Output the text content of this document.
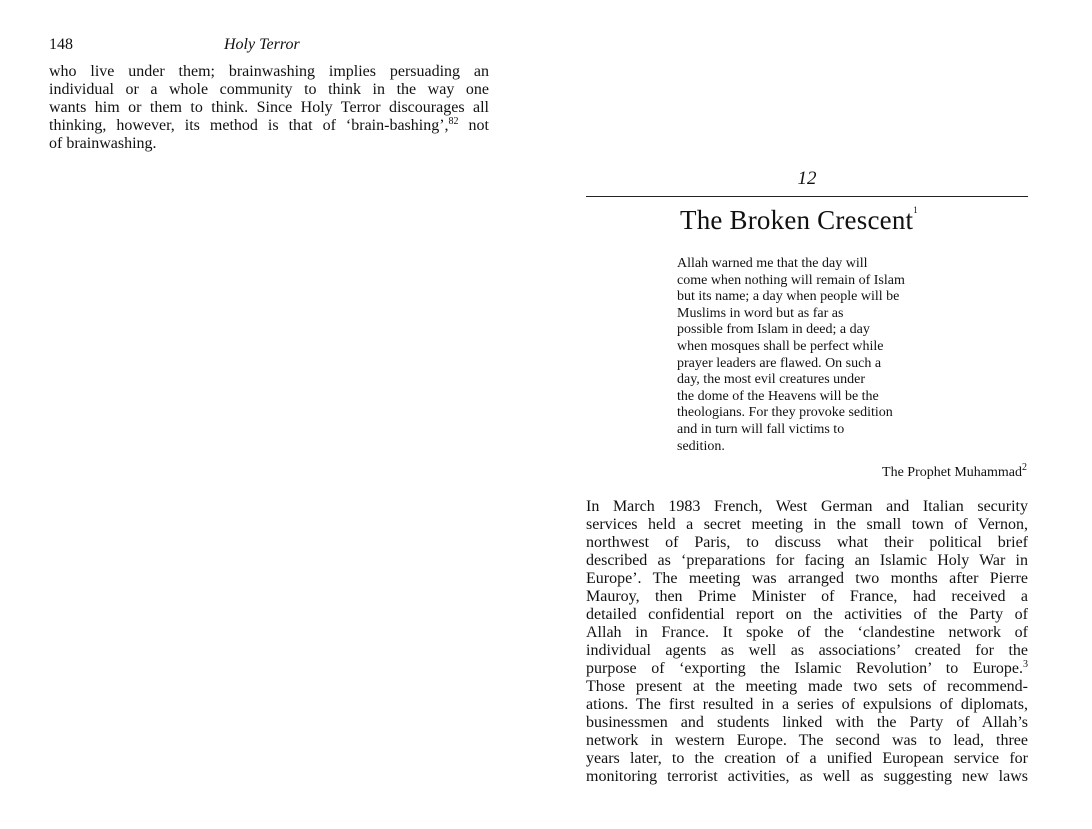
148	Holy Terror
who live under them; brainwashing implies persuading an
individual or a whole community to think in the way one
wants him or them to think. Since Holy Terror discourages all
thinking, however, its method is that of ‘brain-bashing’,$^{82}$ not
of brainwashing.
12
The Broken Crescent$^1$
Allah warned me that the day will
come when nothing will remain of Islam
but its name; a day when people will be
Muslims in word but as far as
possible from Islam in deed; a day
when mosques shall be perfect while
prayer leaders are flawed. On such a
day, the most evil creatures under
the dome of the Heavens will be the
theologians. For they provoke sedition
and in turn will fall victims to
sedition.
The Prophet Muhammad$^2$
In March 1983 French, West German and Italian security
services held a secret meeting in the small town of Vernon,
northwest of Paris, to discuss what their political brief
described as ‘preparations for facing an Islamic Holy War in
Europe’. The meeting was arranged two months after Pierre
Mauroy, then Prime Minister of France, had received a
detailed confidential report on the activities of the Party of
Allah in France. It spoke of the ‘clandestine network of
individual agents as well as associations’ created for the
purpose of ‘exporting the Islamic Revolution’ to Europe.$^3$
Those present at the meeting made two sets of recommend-
ations. The first resulted in a series of expulsions of diplomats,
businessmen and students linked with the Party of Allah’s
network in western Europe. The second was to lead, three
years later, to the creation of a unified European service for
monitoring terrorist activities, as well as suggesting new laws
